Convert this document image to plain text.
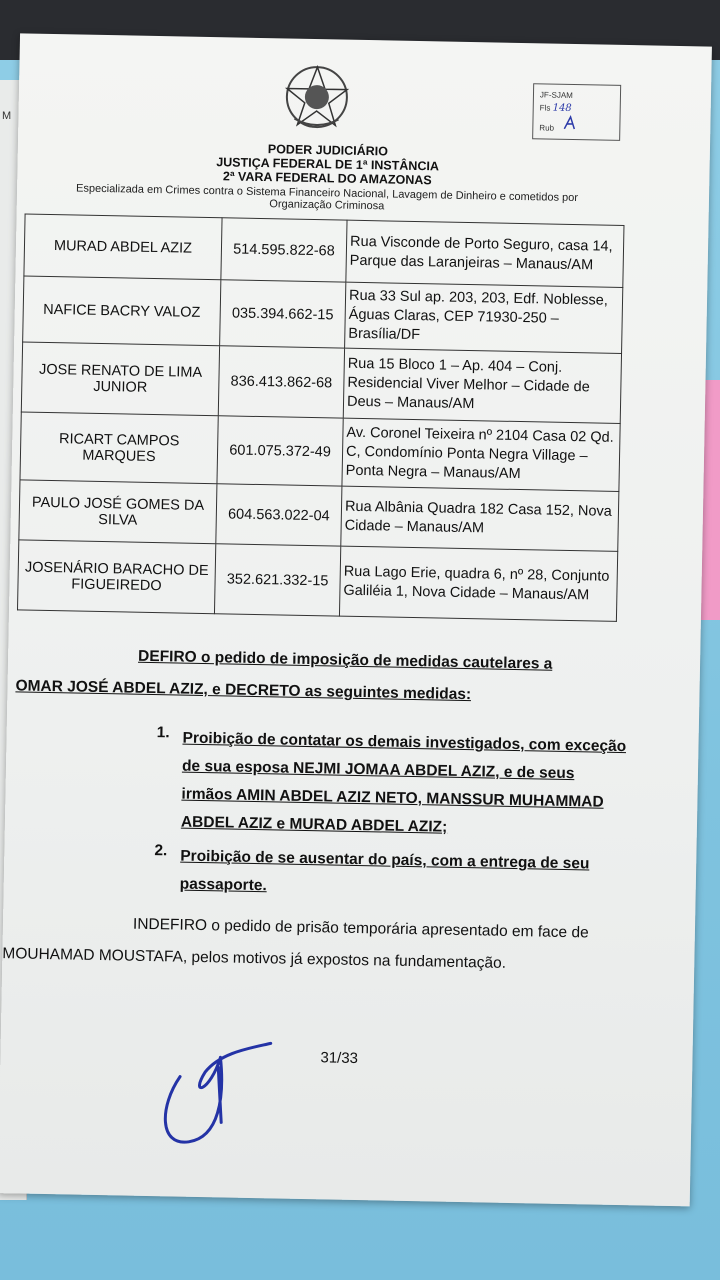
M
JF-SJAM
Fls 148
Rub
PODER JUDICIÁRIO
JUSTIÇA FEDERAL DE 1ª INSTÂNCIA
2ª VARA FEDERAL DO AMAZONAS
Especializada em Crimes contra o Sistema Financeiro Nacional, Lavagem de Dinheiro e cometidos por Organização Criminosa
MURAD ABDEL AZIZ	514.595.822-68	Rua Visconde de Porto Seguro, casa 14, Parque das Laranjeiras – Manaus/AM
NAFICE BACRY VALOZ	035.394.662-15	Rua 33 Sul ap. 203, 203, Edf. Noblesse, Águas Claras, CEP 71930-250 – Brasília/DF
JOSE RENATO DE LIMA JUNIOR	836.413.862-68	Rua 15 Bloco 1 – Ap. 404 – Conj. Residencial Viver Melhor – Cidade de Deus – Manaus/AM
RICART CAMPOS MARQUES	601.075.372-49	Av. Coronel Teixeira nº 2104 Casa 02 Qd. C, Condomínio Ponta Negra Village – Ponta Negra – Manaus/AM
PAULO JOSÉ GOMES DA SILVA	604.563.022-04	Rua Albânia Quadra 182 Casa 152, Nova Cidade – Manaus/AM
JOSENÁRIO BARACHO DE FIGUEIREDO	352.621.332-15	Rua Lago Erie, quadra 6, nº 28, Conjunto Galiléia 1, Nova Cidade – Manaus/AM
DEFIRO o pedido de imposição de medidas cautelares a
OMAR JOSÉ ABDEL AZIZ, e DECRETO as seguintes medidas:
1. Proibição de contatar os demais investigados, com exceção de sua esposa NEJMI JOMAA ABDEL AZIZ, e de seus irmãos AMIN ABDEL AZIZ NETO, MANSSUR MUHAMMAD ABDEL AZIZ e MURAD ABDEL AZIZ;
2. Proibição de se ausentar do país, com a entrega de seu passaporte.
INDEFIRO o pedido de prisão temporária apresentado em face de
MOUHAMAD MOUSTAFA, pelos motivos já expostos na fundamentação.
31/33
